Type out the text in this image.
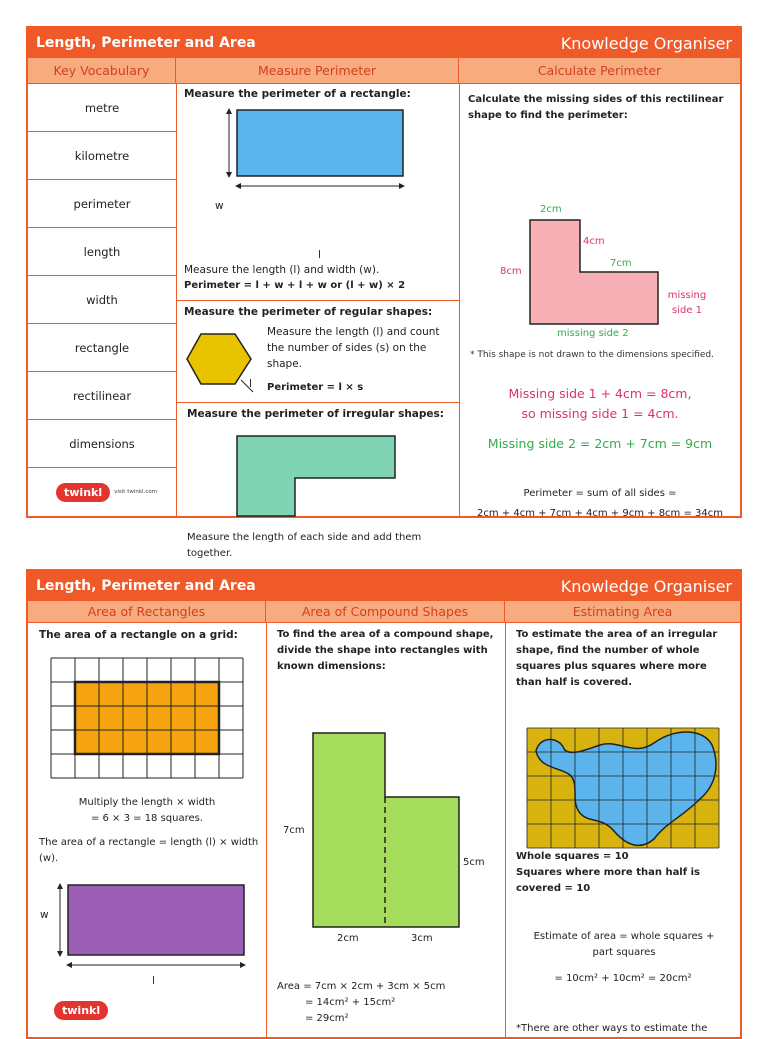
Length, Perimeter and Area	Knowledge Organiser
Key Vocabulary	Measure Perimeter	Calculate Perimeter
metre
kilometre
perimeter
length
width
rectangle
rectilinear
dimensions
twinkl	visit twinkl.com
Measure the perimeter of a rectangle:
w
l
Measure the length (l) and width (w).
Perimeter = l + w + l + w or (l + w) × 2
Measure the perimeter of regular shapes:
l
Measure the length (l) and count the number of sides (s) on the shape.
Perimeter = l × s
Measure the perimeter of irregular shapes:
Measure the length of each side and add them together.
Calculate the missing sides of this rectilinear shape to find the perimeter:
2cm
4cm
7cm
8cm
missing
side 1
missing side 2
* This shape is not drawn to the dimensions specified.
Missing side 1 + 4cm = 8cm,
so missing side 1 = 4cm.
Missing side 2 = 2cm + 7cm = 9cm
Perimeter = sum of all sides =
2cm + 4cm + 7cm + 4cm + 9cm + 8cm = 34cm
Length, Perimeter and Area	Knowledge Organiser
Area of Rectangles	Area of Compound Shapes	Estimating Area
The area of a rectangle on a grid:
Multiply the length × width
= 6 × 3 = 18 squares.
The area of a rectangle = length (l) × width (w).
w
l
twinkl
To find the area of a compound shape, divide the shape into rectangles with known dimensions:
7cm
5cm
2cm	3cm
Area = 7cm × 2cm + 3cm × 5cm
= 14cm² + 15cm²
= 29cm²
To estimate the area of an irregular shape, find the number of whole squares plus squares where more than half is covered.
Whole squares = 10
Squares where more than half is covered = 10
Estimate of area = whole squares + part squares
= 10cm² + 10cm² = 20cm²
*There are other ways to estimate the
